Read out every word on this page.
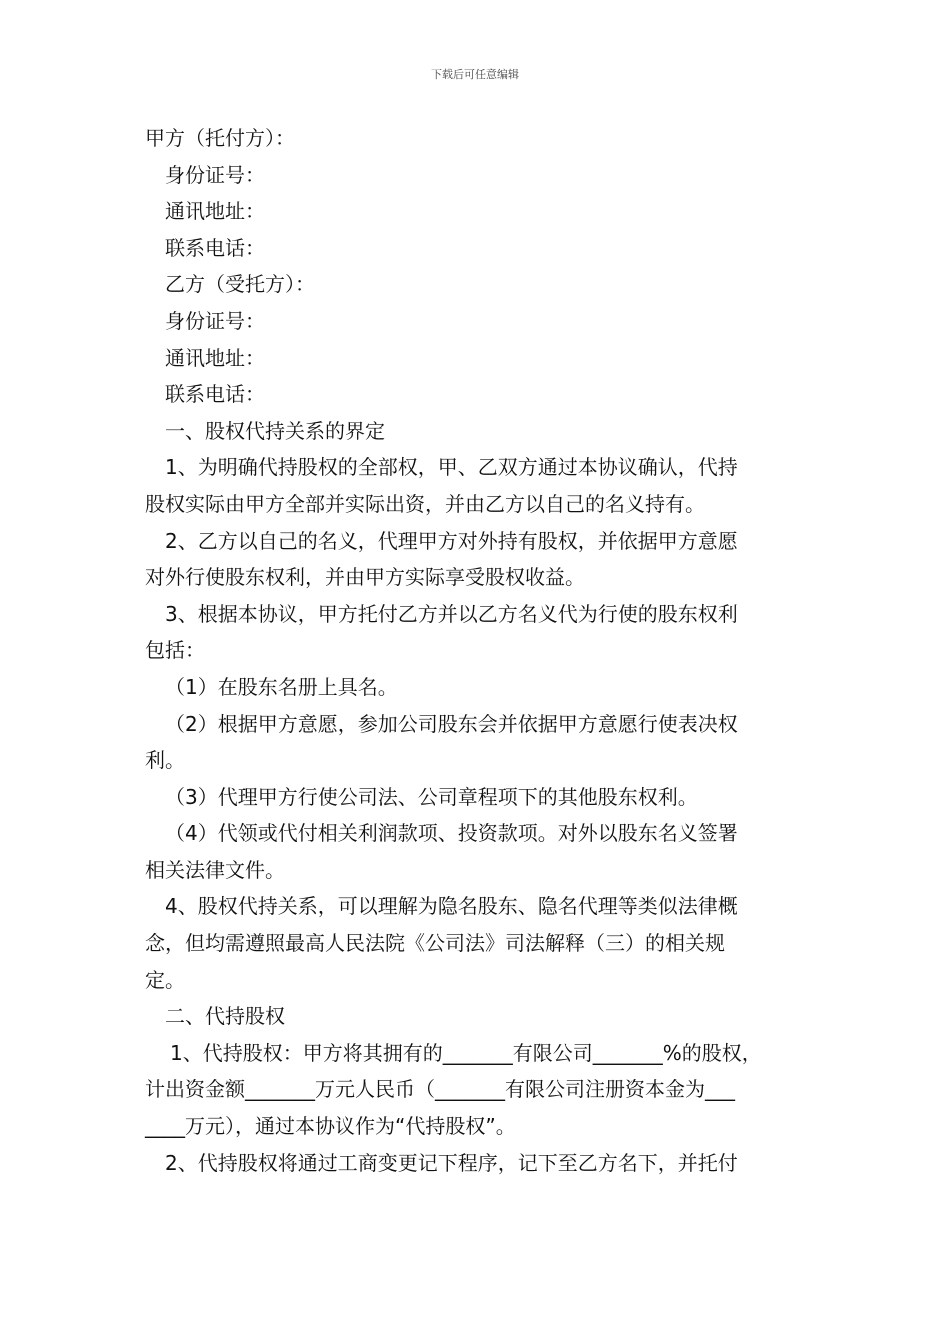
下载后可任意编辑
甲方（托付方）：
身份证号：
通讯地址：
联系电话：
乙方（受托方）：
身份证号：
通讯地址：
联系电话：
一、股权代持关系的界定
1、为明确代持股权的全部权，甲、乙双方通过本协议确认，代持
股权实际由甲方全部并实际出资，并由乙方以自己的名义持有。
2、乙方以自己的名义，代理甲方对外持有股权，并依据甲方意愿
对外行使股东权利，并由甲方实际享受股权收益。
3、根据本协议，甲方托付乙方并以乙方名义代为行使的股东权利
包括：
（1）在股东名册上具名。
（2）根据甲方意愿，参加公司股东会并依据甲方意愿行使表决权
利。
（3）代理甲方行使公司法、公司章程项下的其他股东权利。
（4）代领或代付相关利润款项、投资款项。对外以股东名义签署
相关法律文件。
4、股权代持关系，可以理解为隐名股东、隐名代理等类似法律概
念，但均需遵照最高人民法院《公司法》司法解释（三）的相关规
定。
二、代持股权
1、代持股权：甲方将其拥有的_______有限公司_______%的股权，
计出资金额_______万元人民币（_______有限公司注册资本金为___
____万元），通过本协议作为“代持股权”。
2、代持股权将通过工商变更记下程序，记下至乙方名下，并托付
